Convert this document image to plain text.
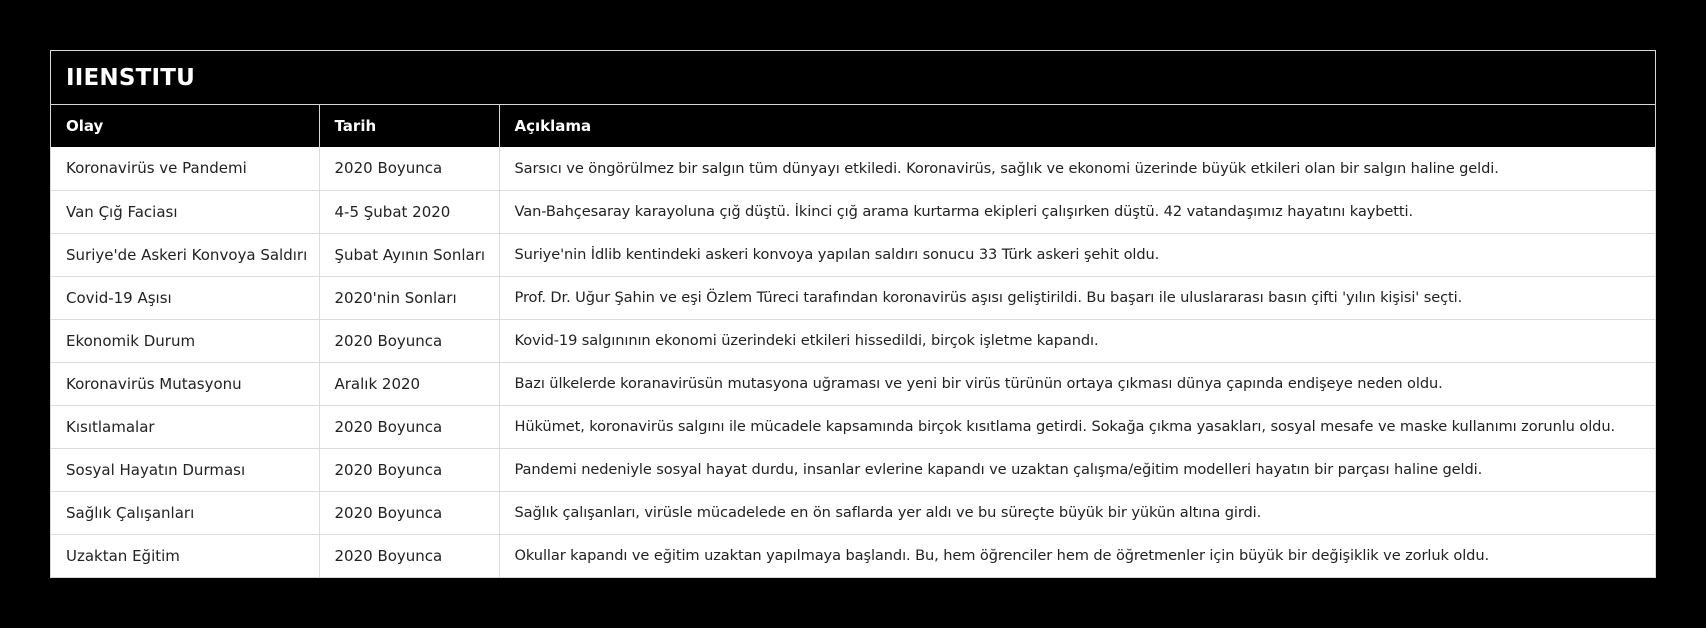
IIENSTITU
Olay	Tarih	Açıklama
Koronavirüs ve Pandemi	2020 Boyunca	Sarsıcı ve öngörülmez bir salgın tüm dünyayı etkiledi. Koronavirüs, sağlık ve ekonomi üzerinde büyük etkileri olan bir salgın haline geldi.
Van Çığ Faciası	4-5 Şubat 2020	Van-Bahçesaray karayoluna çığ düştü. İkinci çığ arama kurtarma ekipleri çalışırken düştü. 42 vatandaşımız hayatını kaybetti.
Suriye'de Askeri Konvoya Saldırı	Şubat Ayının Sonları	Suriye'nin İdlib kentindeki askeri konvoya yapılan saldırı sonucu 33 Türk askeri şehit oldu.
Covid-19 Aşısı	2020'nin Sonları	Prof. Dr. Uğur Şahin ve eşi Özlem Türeci tarafından koronavirüs aşısı geliştirildi. Bu başarı ile uluslararası basın çifti 'yılın kişisi' seçti.
Ekonomik Durum	2020 Boyunca	Kovid-19 salgınının ekonomi üzerindeki etkileri hissedildi, birçok işletme kapandı.
Koronavirüs Mutasyonu	Aralık 2020	Bazı ülkelerde koranavirüsün mutasyona uğraması ve yeni bir virüs türünün ortaya çıkması dünya çapında endişeye neden oldu.
Kısıtlamalar	2020 Boyunca	Hükümet, koronavirüs salgını ile mücadele kapsamında birçok kısıtlama getirdi. Sokağa çıkma yasakları, sosyal mesafe ve maske kullanımı zorunlu oldu.
Sosyal Hayatın Durması	2020 Boyunca	Pandemi nedeniyle sosyal hayat durdu, insanlar evlerine kapandı ve uzaktan çalışma/eğitim modelleri hayatın bir parçası haline geldi.
Sağlık Çalışanları	2020 Boyunca	Sağlık çalışanları, virüsle mücadelede en ön saflarda yer aldı ve bu süreçte büyük bir yükün altına girdi.
Uzaktan Eğitim	2020 Boyunca	Okullar kapandı ve eğitim uzaktan yapılmaya başlandı. Bu, hem öğrenciler hem de öğretmenler için büyük bir değişiklik ve zorluk oldu.
